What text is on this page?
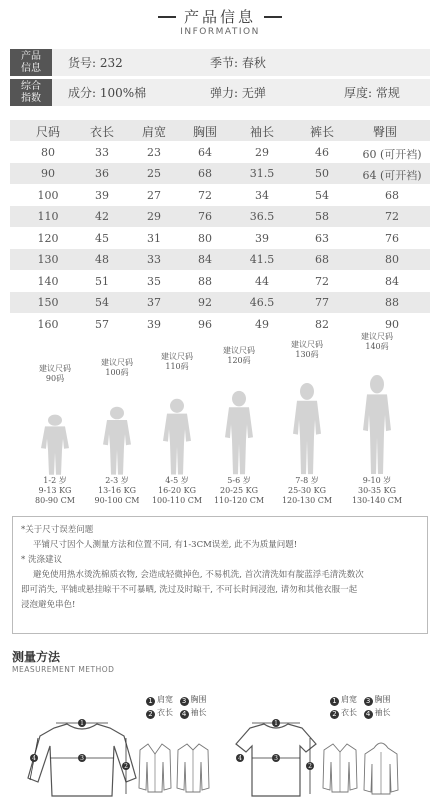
产品信息
INFORMATION
产品
信息	货号: 232	季节: 春秋
综合
指数	成分: 100%棉	弹力: 无弹	厚度: 常规
尺码	衣长	肩宽	胸围	袖长	裤长	臀围
80	33	23	64	29	46	60 (可开裆)
90	36	25	68	31.5	50	64 (可开裆)
100	39	27	72	34	54	68
110	42	29	76	36.5	58	72
120	45	31	80	39	63	76
130	48	33	84	41.5	68	80
140	51	35	88	44	72	84
150	54	37	92	46.5	77	88
160	57	39	96	49	82	90
建议尺码
90码
1-2 岁
9-13 KG
80-90 CM
建议尺码
100码
2-3 岁
13-16 KG
90-100 CM
建议尺码
110码
4-5 岁
16-20 KG
100-110 CM
建议尺码
120码
5-6 岁
20-25 KG
110-120 CM
建议尺码
130码
7-8 岁
25-30 KG
120-130 CM
建议尺码
140码
9-10 岁
30-35 KG
130-140 CM

*关于尺寸误差问题

平铺尺寸因个人测量方法和位置不同, 有1-3CM误差, 此不为质量问题!

* 洗涤建议

避免使用热水烫洗棉质衣物, 会造成轻微掉色, 不易机洗, 首次清洗如有靛蓝浮毛清洗数次

即可消失, 平铺或悬挂晾干不可暴晒, 洗过及时晾干, 不可长时间浸泡, 请勿和其他衣服一起

浸泡避免串色!

测量方法
MEASUREMENT METHOD
1 肩宽 3 胸围
2 衣长 4 袖长
1 肩宽 3 胸围
2 衣长 4 袖长
1
2
3
4
1
2
3
4
